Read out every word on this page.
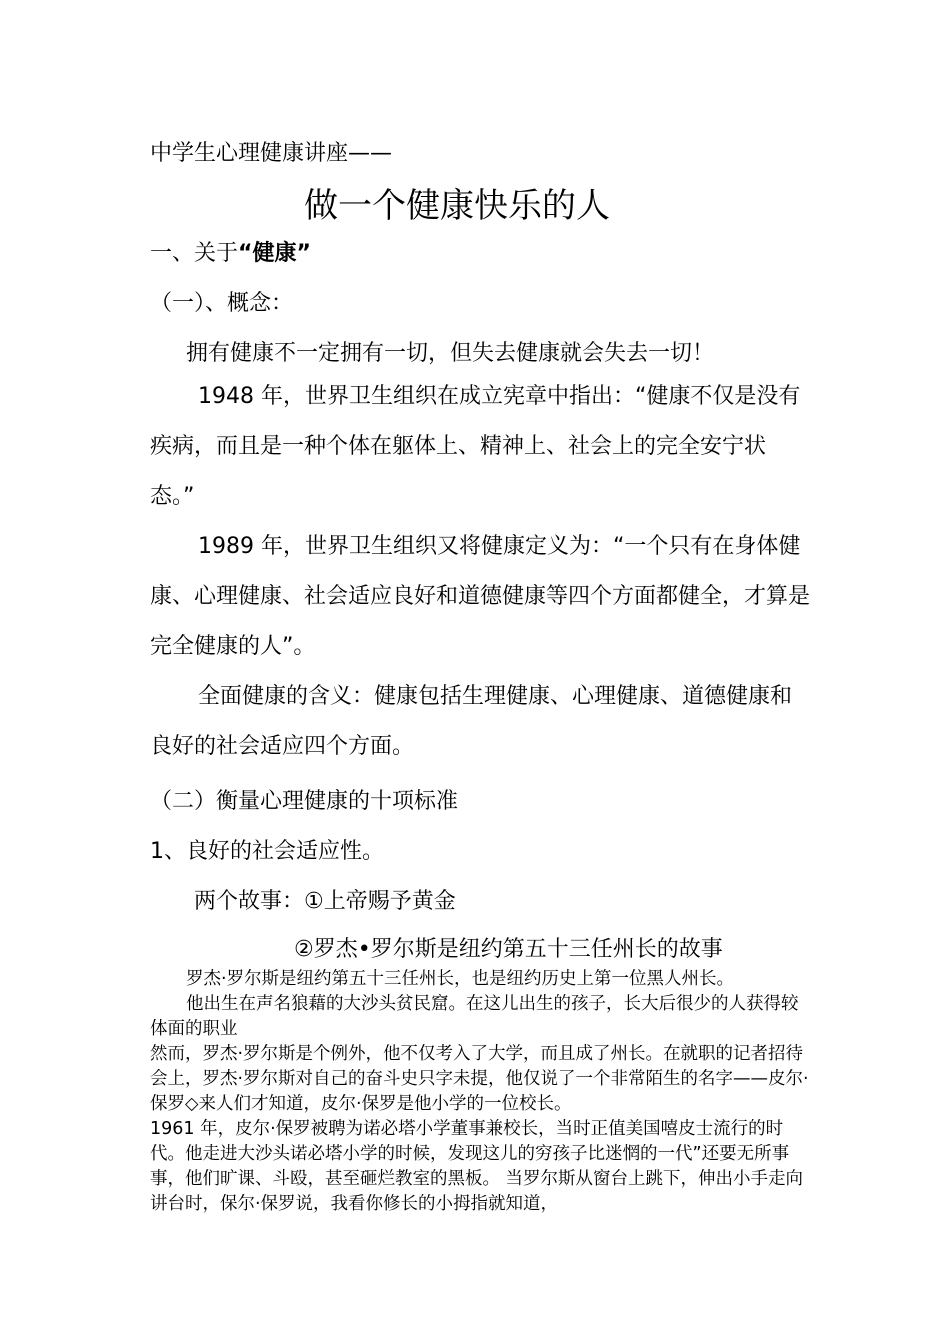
中学生心理健康讲座——

做一个健康快乐的人

一、关于“健康”

（一）、概念：

拥有健康不一定拥有一切，但失去健康就会失去一切！

1948 年，世界卫生组织在成立宪章中指出：“健康不仅是没有疾病，而且是一种个体在躯体上、精神上、社会上的完全安宁状态。”

1989 年，世界卫生组织又将健康定义为：“一个只有在身体健康、心理健康、社会适应良好和道德健康等四个方面都健全，才算是完全健康的人”。

全面健康的含义：健康包括生理健康、心理健康、道德健康和良好的社会适应四个方面。

（二）衡量心理健康的十项标准

1、良好的社会适应性。

两个故事：①上帝赐予黄金

②罗杰•罗尔斯是纽约第五十三任州长的故事

罗杰·罗尔斯是纽约第五十三任州长，也是纽约历史上第一位黑人州长。

他出生在声名狼藉的大沙头贫民窟。在这儿出生的孩子，长大后很少的人获得较体面的职业

然而，罗杰·罗尔斯是个例外，他不仅考入了大学，而且成了州长。在就职的记者招待会上，罗杰·罗尔斯对自己的奋斗史只字未提，他仅说了一个非常陌生的名字——皮尔·保罗◇来人们才知道，皮尔·保罗是他小学的一位校长。

1961 年，皮尔·保罗被聘为诺必塔小学董事兼校长，当时正值美国嘻皮士流行的时代。他走进大沙头诺必塔小学的时候，发现这儿的穷孩子比迷惘的一代”还要无所事事，他们旷课、斗殴，甚至砸烂教室的黑板。 当罗尔斯从窗台上跳下，伸出小手走向讲台时，保尔·保罗说，我看你修长的小拇指就知道，
